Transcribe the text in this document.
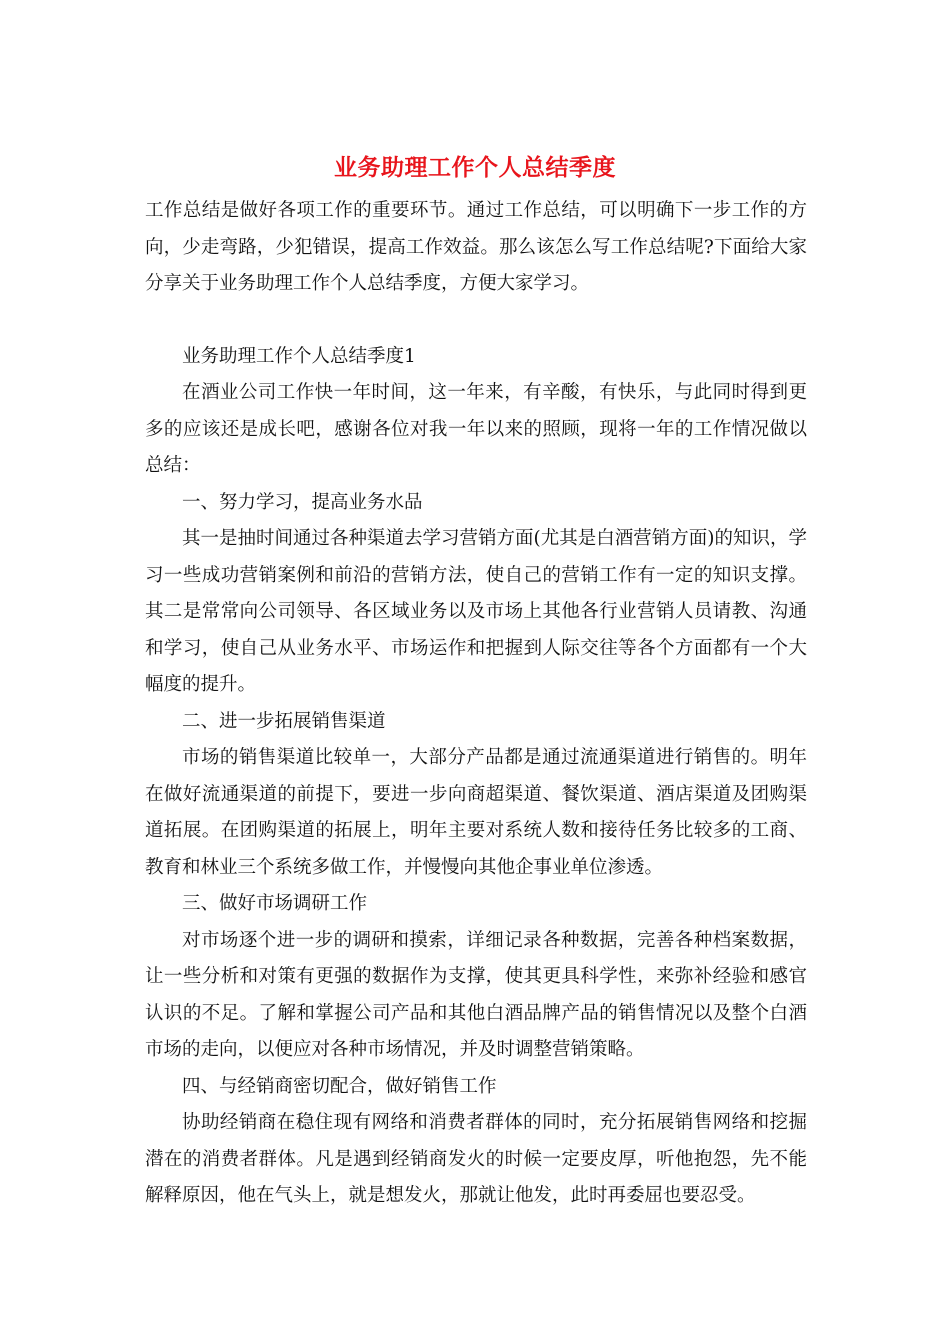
业务助理工作个人总结季度

工作总结是做好各项工作的重要环节。通过工作总结，可以明确下一步工作的方向，少走弯路，少犯错误，提高工作效益。那么该怎么写工作总结呢?下面给大家分享关于业务助理工作个人总结季度，方便大家学习。

业务助理工作个人总结季度1

在酒业公司工作快一年时间，这一年来，有辛酸，有快乐，与此同时得到更多的应该还是成长吧，感谢各位对我一年以来的照顾，现将一年的工作情况做以总结：

一、努力学习，提高业务水品

其一是抽时间通过各种渠道去学习营销方面(尤其是白酒营销方面)的知识，学习一些成功营销案例和前沿的营销方法，使自己的营销工作有一定的知识支撑。其二是常常向公司领导、各区域业务以及市场上其他各行业营销人员请教、沟通和学习，使自己从业务水平、市场运作和把握到人际交往等各个方面都有一个大幅度的提升。

二、进一步拓展销售渠道

市场的销售渠道比较单一，大部分产品都是通过流通渠道进行销售的。明年在做好流通渠道的前提下，要进一步向商超渠道、餐饮渠道、酒店渠道及团购渠道拓展。在团购渠道的拓展上，明年主要对系统人数和接待任务比较多的工商、教育和林业三个系统多做工作，并慢慢向其他企事业单位渗透。

三、做好市场调研工作

对市场逐个进一步的调研和摸索，详细记录各种数据，完善各种档案数据，让一些分析和对策有更强的数据作为支撑，使其更具科学性，来弥补经验和感官认识的不足。了解和掌握公司产品和其他白酒品牌产品的销售情况以及整个白酒市场的走向，以便应对各种市场情况，并及时调整营销策略。

四、与经销商密切配合，做好销售工作

协助经销商在稳住现有网络和消费者群体的同时，充分拓展销售网络和挖掘潜在的消费者群体。凡是遇到经销商发火的时候一定要皮厚，听他抱怨，先不能解释原因，他在气头上，就是想发火，那就让他发，此时再委屈也要忍受。
